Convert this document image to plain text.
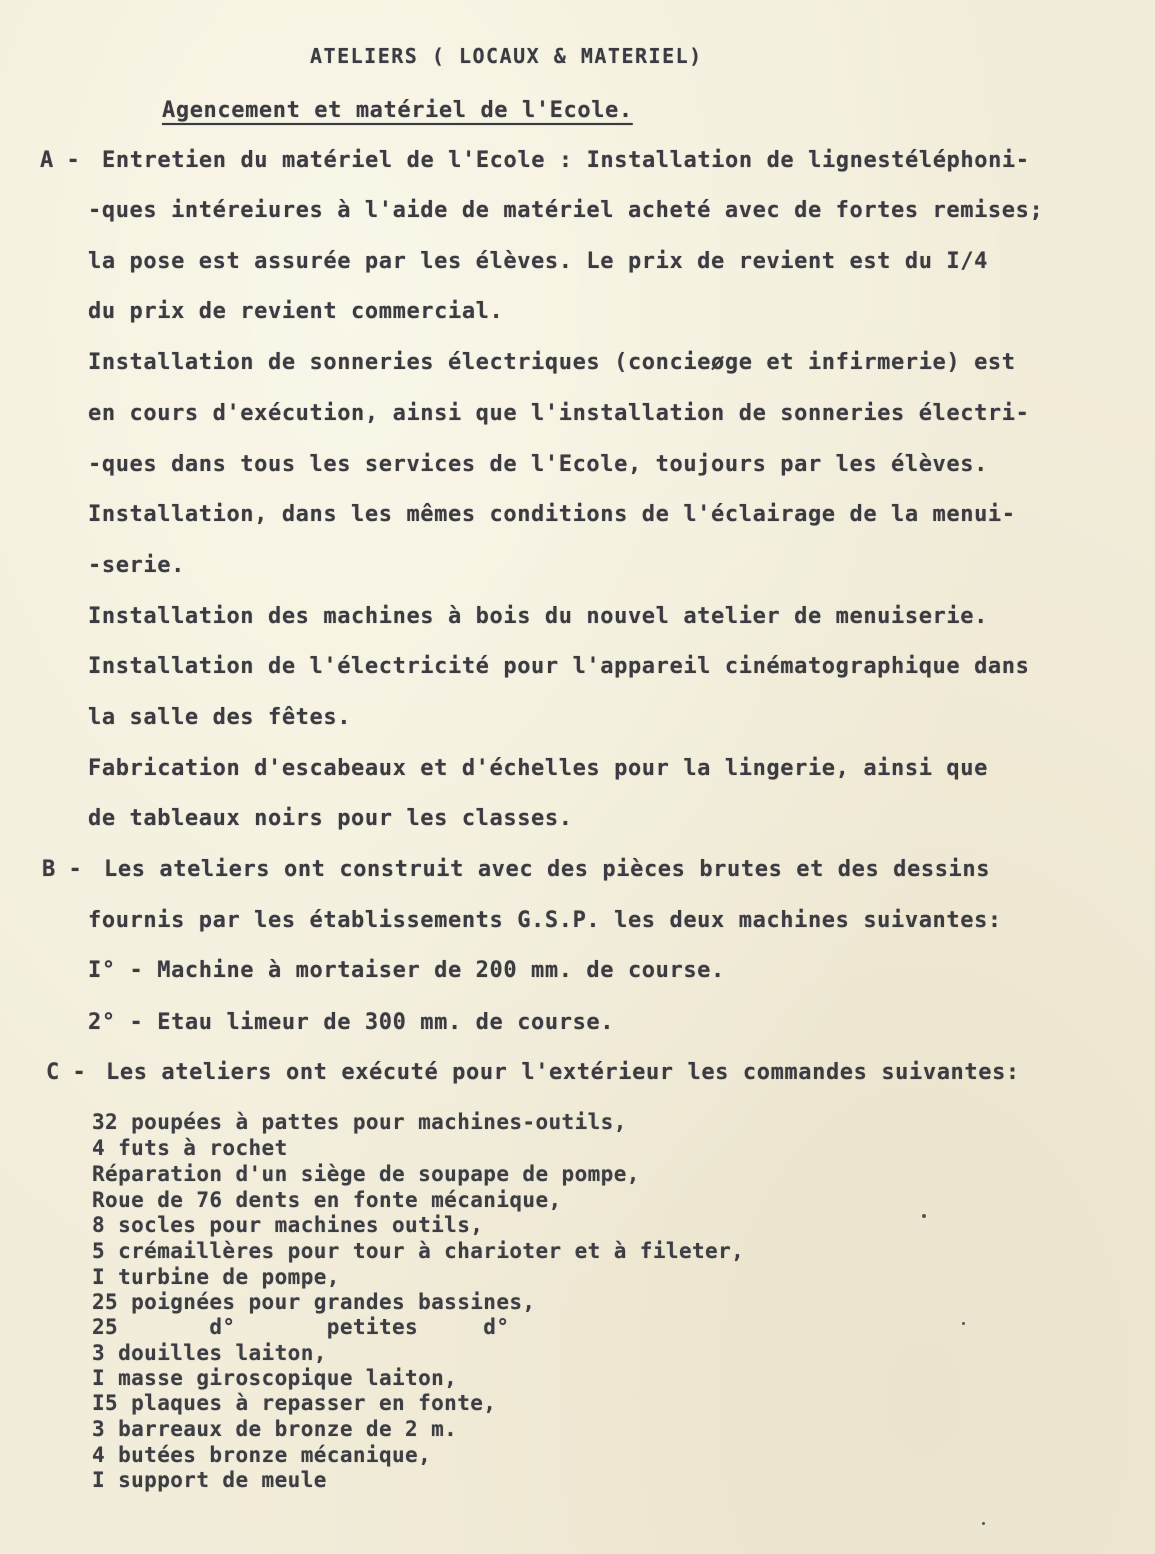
ATELIERS ( LOCAUX & MATERIEL)
Agencement et matériel de l'Ecole.
A - Entretien du matériel de l'Ecole : Installation de lignestéléphoni-
-ques intéreiures à l'aide de matériel acheté avec de fortes remises;
la pose est assurée par les élèves. Le prix de revient est du I/4
du prix de revient commercial.
Installation de sonneries électriques (concieøge et infirmerie) est
en cours d'exécution, ainsi que l'installation de sonneries électri-
-ques dans tous les services de l'Ecole, toujours par les élèves.
Installation, dans les mêmes conditions de l'éclairage de la menui-
-serie.
Installation des machines à bois du nouvel atelier de menuiserie.
Installation de l'électricité pour l'appareil cinématographique dans
la salle des fêtes.
Fabrication d'escabeaux et d'échelles pour la lingerie, ainsi que
de tableaux noirs pour les classes.
B - Les ateliers ont construit avec des pièces brutes et des dessins
fournis par les établissements G.S.P. les deux machines suivantes:
I° - Machine à mortaiser de 200 mm. de course.
2° - Etau limeur de 300 mm. de course.
C - Les ateliers ont exécuté pour l'extérieur les commandes suivantes:
32 poupées à pattes pour machines-outils,
4 futs à rochet
Réparation d'un siège de soupape de pompe,
Roue de 76 dents en fonte mécanique,
8 socles pour machines outils,
5 crémaillères pour tour à charioter et à fileter,
I turbine de pompe,
25 poignées pour grandes bassines,
25       d°       petites     d°
3 douilles laiton,
I masse giroscopique laiton,
I5 plaques à repasser en fonte,
3 barreaux de bronze de 2 m.
4 butées bronze mécanique,
I support de meule
